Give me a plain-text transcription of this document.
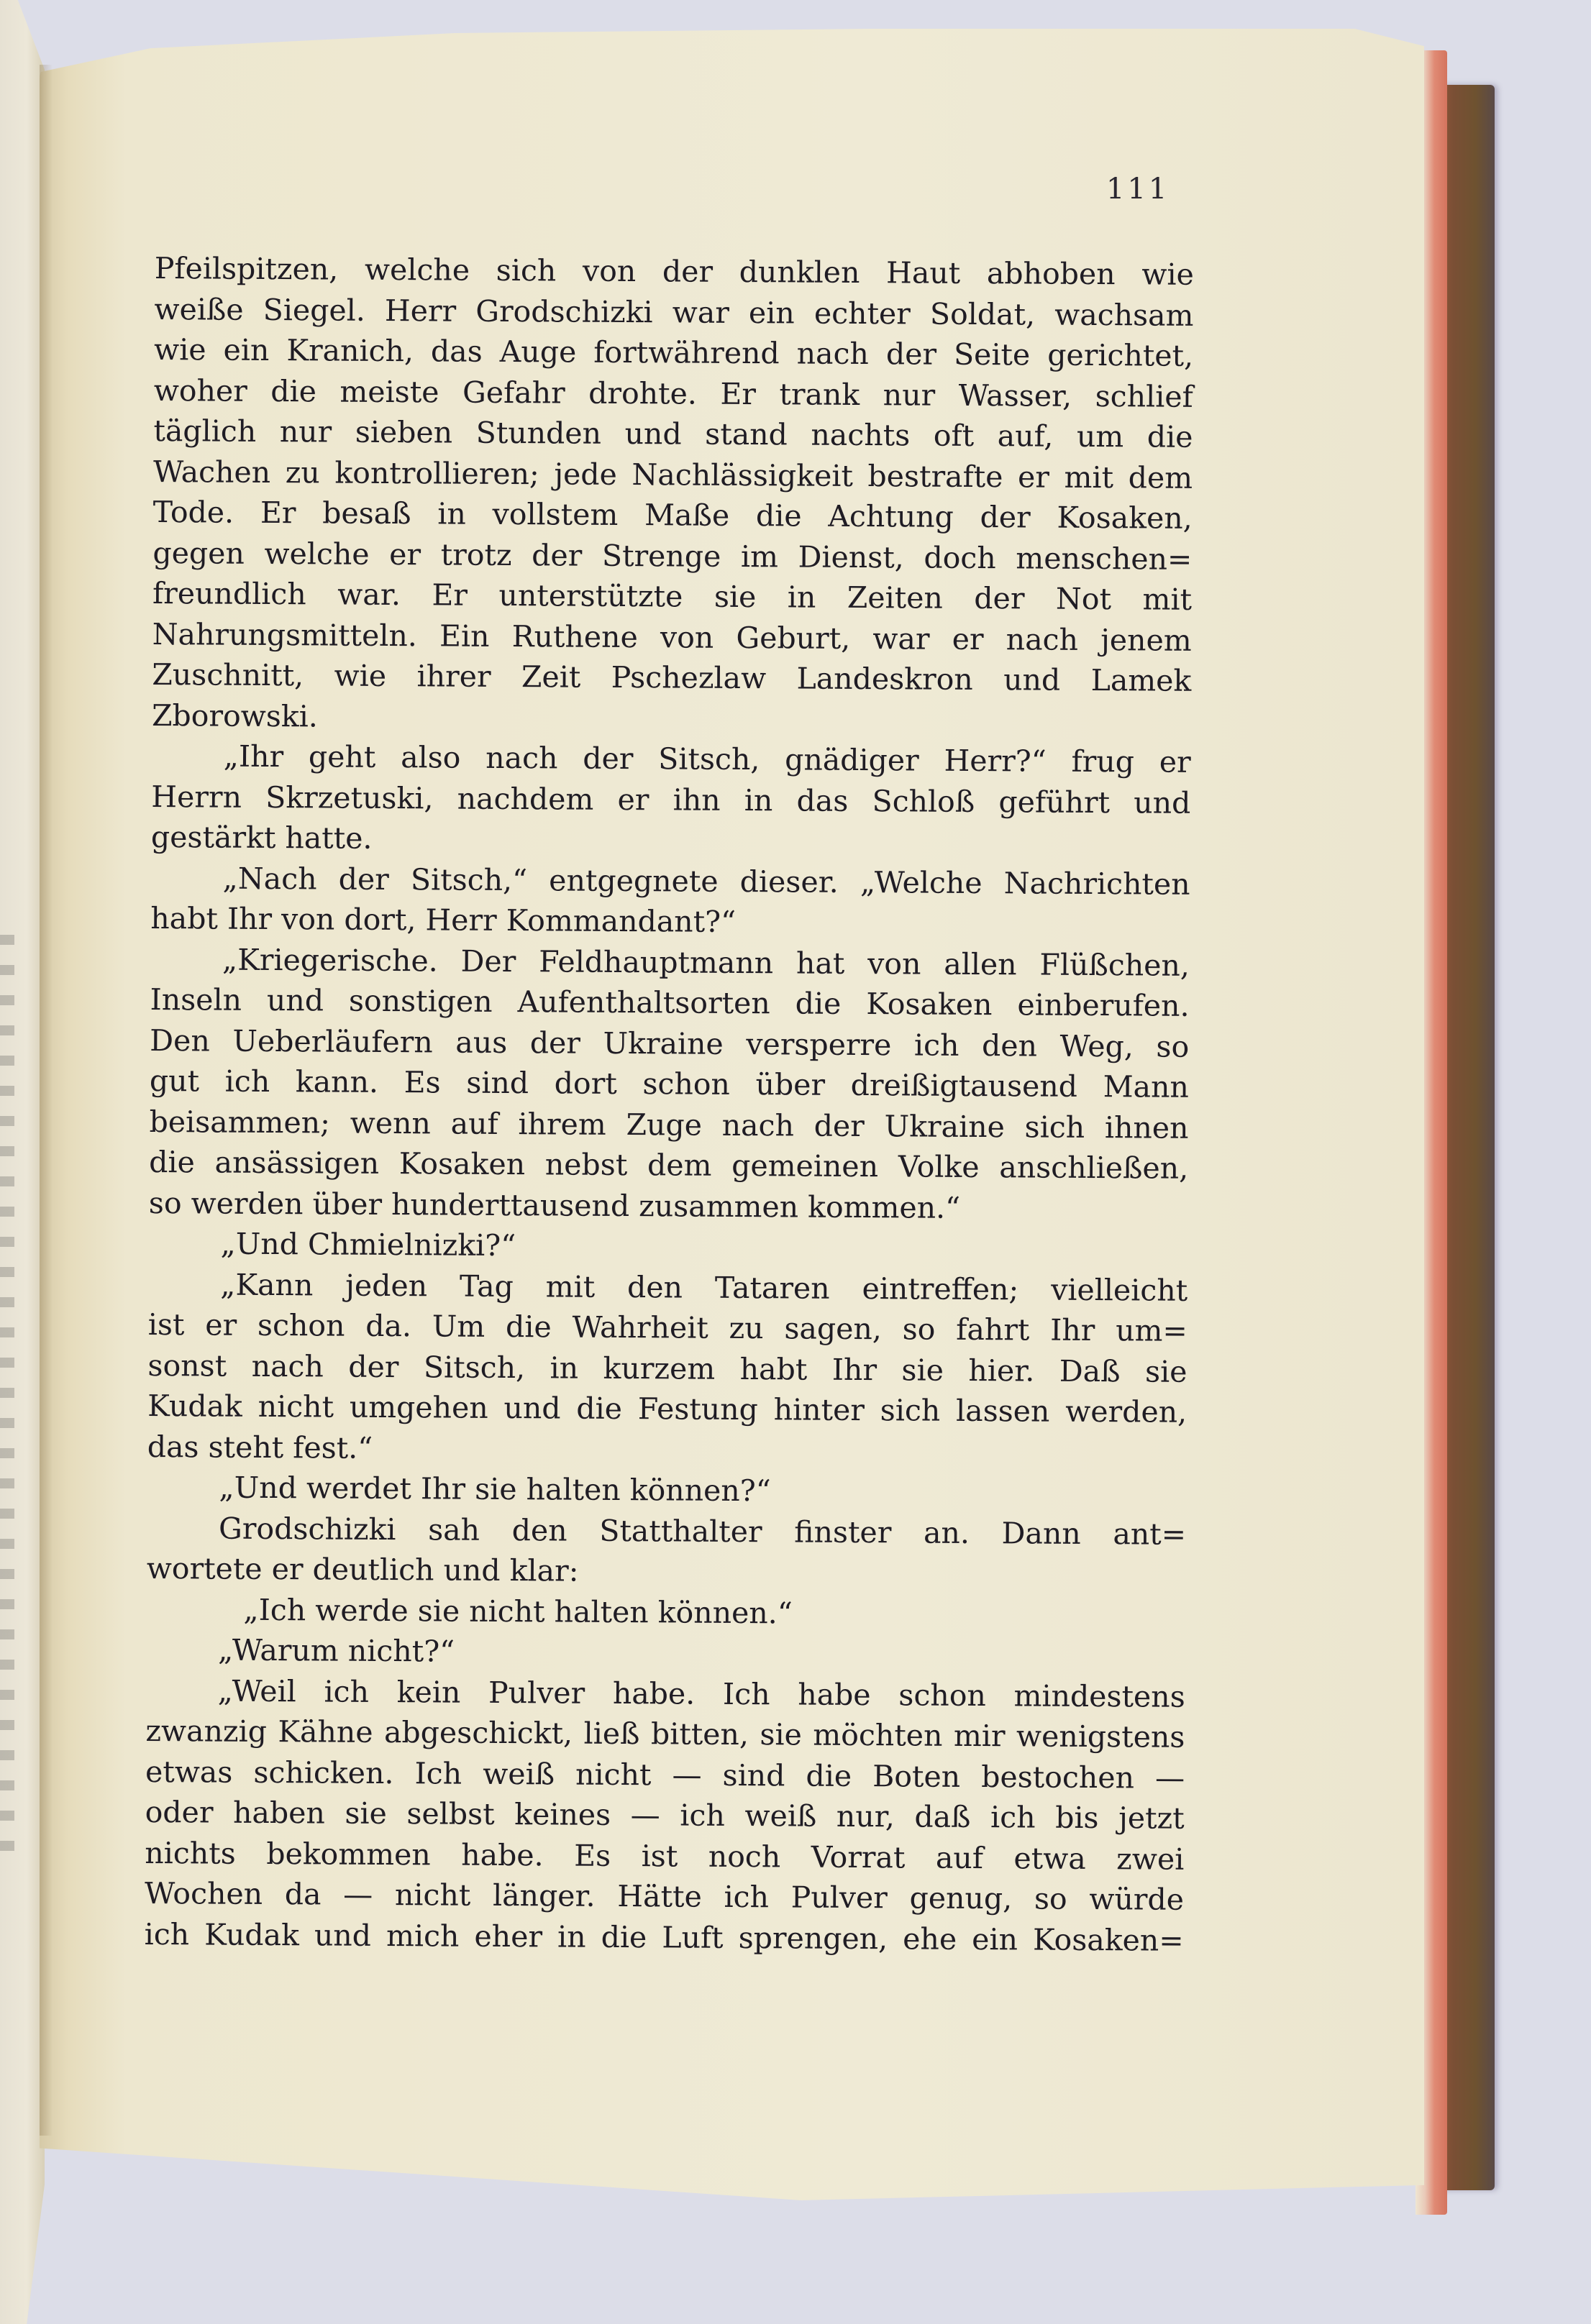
111
Pfeilspitzen, welche sich von der dunklen Haut abhoben wie
weiße Siegel. Herr Grodschizki war ein echter Soldat, wachsam
wie ein Kranich, das Auge fortwährend nach der Seite gerichtet,
woher die meiste Gefahr drohte. Er trank nur Wasser, schlief
täglich nur sieben Stunden und stand nachts oft auf, um die
Wachen zu kontrollieren; jede Nachlässigkeit bestrafte er mit dem
Tode. Er besaß in vollstem Maße die Achtung der Kosaken,
gegen welche er trotz der Strenge im Dienst, doch menschen=
freundlich war. Er unterstützte sie in Zeiten der Not mit
Nahrungsmitteln. Ein Ruthene von Geburt, war er nach jenem
Zuschnitt, wie ihrer Zeit Pschezlaw Landeskron und Lamek
Zborowski.
„Ihr geht also nach der Sitsch, gnädiger Herr?“ frug er
Herrn Skrzetuski, nachdem er ihn in das Schloß geführt und
gestärkt hatte.
„Nach der Sitsch,“ entgegnete dieser. „Welche Nachrichten
habt Ihr von dort, Herr Kommandant?“
„Kriegerische. Der Feldhauptmann hat von allen Flüßchen,
Inseln und sonstigen Aufenthaltsorten die Kosaken einberufen.
Den Ueberläufern aus der Ukraine versperre ich den Weg, so
gut ich kann. Es sind dort schon über dreißigtausend Mann
beisammen; wenn auf ihrem Zuge nach der Ukraine sich ihnen
die ansässigen Kosaken nebst dem gemeinen Volke anschließen,
so werden über hunderttausend zusammen kommen.“
„Und Chmielnizki?“
„Kann jeden Tag mit den Tataren eintreffen; vielleicht
ist er schon da. Um die Wahrheit zu sagen, so fahrt Ihr um=
sonst nach der Sitsch, in kurzem habt Ihr sie hier. Daß sie
Kudak nicht umgehen und die Festung hinter sich lassen werden,
das steht fest.“
„Und werdet Ihr sie halten können?“
Grodschizki sah den Statthalter finster an. Dann ant=
wortete er deutlich und klar:
„Ich werde sie nicht halten können.“
„Warum nicht?“
„Weil ich kein Pulver habe. Ich habe schon mindestens
zwanzig Kähne abgeschickt, ließ bitten, sie möchten mir wenigstens
etwas schicken. Ich weiß nicht — sind die Boten bestochen —
oder haben sie selbst keines — ich weiß nur, daß ich bis jetzt
nichts bekommen habe. Es ist noch Vorrat auf etwa zwei
Wochen da — nicht länger. Hätte ich Pulver genug, so würde
ich Kudak und mich eher in die Luft sprengen, ehe ein Kosaken=
